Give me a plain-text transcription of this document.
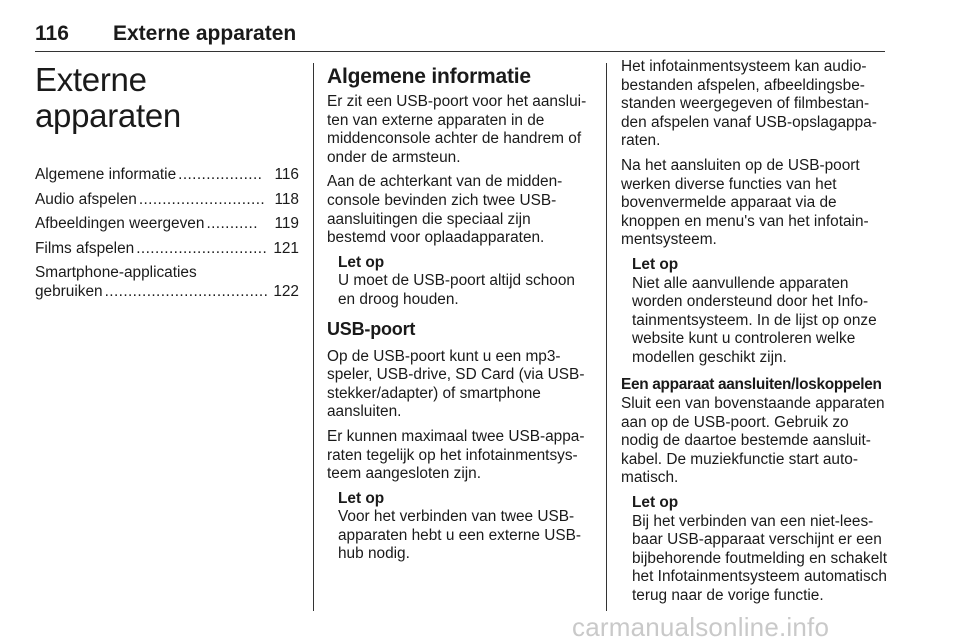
116 Externe apparaten
Externe apparaten
Algemene informatie .................. 116
Audio afspelen ........................... 118
Afbeeldingen weergeven ...........	119
Films afspelen ............................ 121
Smartphone-applicaties
gebruiken ................................... 122
Algemene informatie

Er zit een USB-poort voor het aansluiten van externe apparaten in de middenconsole achter de handrem of onder de armsteun.

Aan de achterkant van de middenconsole bevinden zich twee USB-aansluitingen die speciaal zijn bestemd voor oplaadapparaten.

Let op
U moet de USB-poort altijd schoon en droog houden.
USB-poort

Op de USB-poort kunt u een mp3-speler, USB-drive, SD Card (via USB-stekker/adapter) of smartphone aansluiten.

Er kunnen maximaal twee USB-apparaten tegelijk op het infotainmentsysteem aangesloten zijn.

Let op
Voor het verbinden van twee USB-apparaten hebt u een externe USB-hub nodig.

Het infotainmentsysteem kan audiobestanden afspelen, afbeeldingsbestanden weergegeven of filmbestanden afspelen vanaf USB-opslagapparaten.

Na het aansluiten op de USB-poort werken diverse functies van het bovenvermelde apparaat via de knoppen en menu's van het infotainmentsysteem.

Let op
Niet alle aanvullende apparaten worden ondersteund door het Infotainmentsysteem. In de lijst op onze website kunt u controleren welke modellen geschikt zijn.
Een apparaat aansluiten/loskoppelen

Sluit een van bovenstaande apparaten aan op de USB-poort. Gebruik zo nodig de daartoe bestemde aansluitkabel. De muziekfunctie start automatisch.

Let op
Bij het verbinden van een niet-leesbaar USB-apparaat verschijnt er een bijbehorende foutmelding en schakelt het Infotainmentsysteem automatisch terug naar de vorige functie.
carmanualsonline.info
